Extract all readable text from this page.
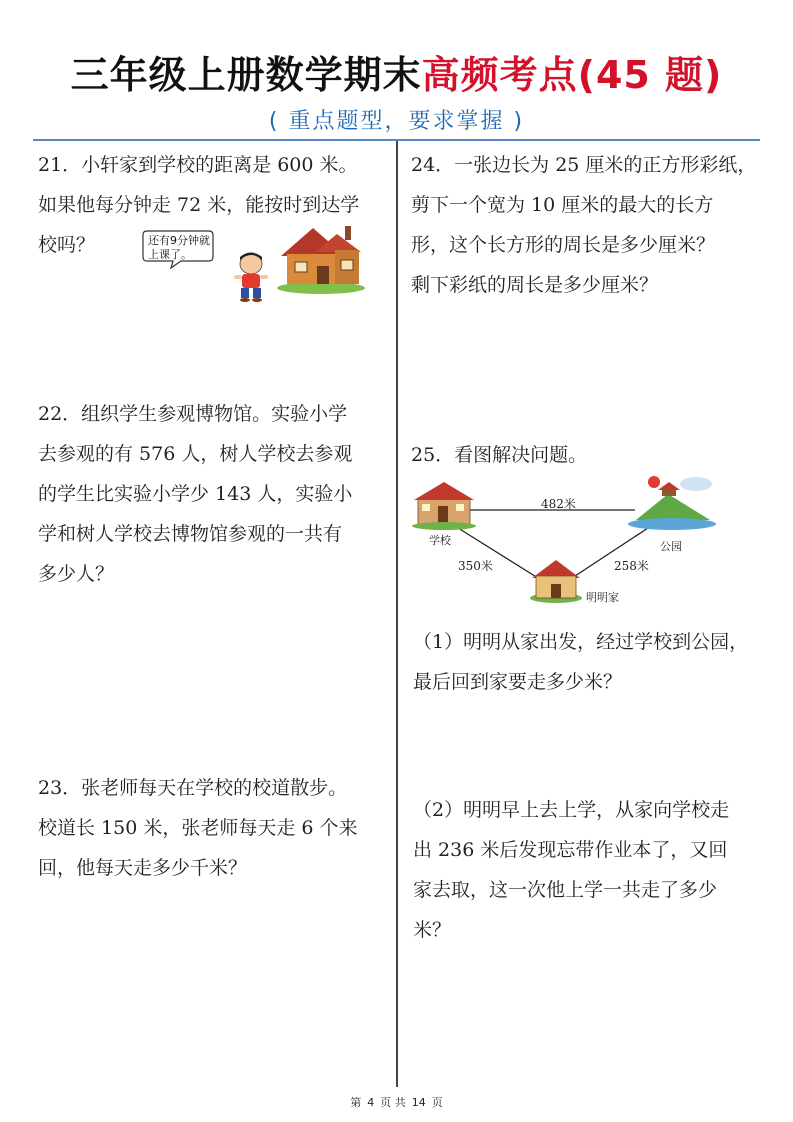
三年级上册数学期末高频考点(45 题)
( 重点题型，要求掌握 )

21．小轩家到学校的距离是 600 米。

如果他每分钟走 72 米，能按时到达学

校吗？	还有9分钟就
上课了。

22．组织学生参观博物馆。实验小学

去参观的有 576 人，树人学校去参观

的学生比实验小学少 143 人，实验小

学和树人学校去博物馆参观的一共有

多少人？

23．张老师每天在学校的校道散步。

校道长 150 米，张老师每天走 6 个来

回，他每天走多少千米？

24．一张边长为 25 厘米的正方形彩纸，

剪下一个宽为 10 厘米的最大的长方

形，这个长方形的周长是多少厘米？

剩下彩纸的周长是多少厘米？

25．看图解决问题。

学校	公园
明明家
482米
350米	258米

（1）明明从家出发，经过学校到公园，

最后回到家要走多少米？

（2）明明早上去上学，从家向学校走

出 236 米后发现忘带作业本了，又回

家去取，这一次他上学一共走了多少

米？

第 4 页 共 14 页
